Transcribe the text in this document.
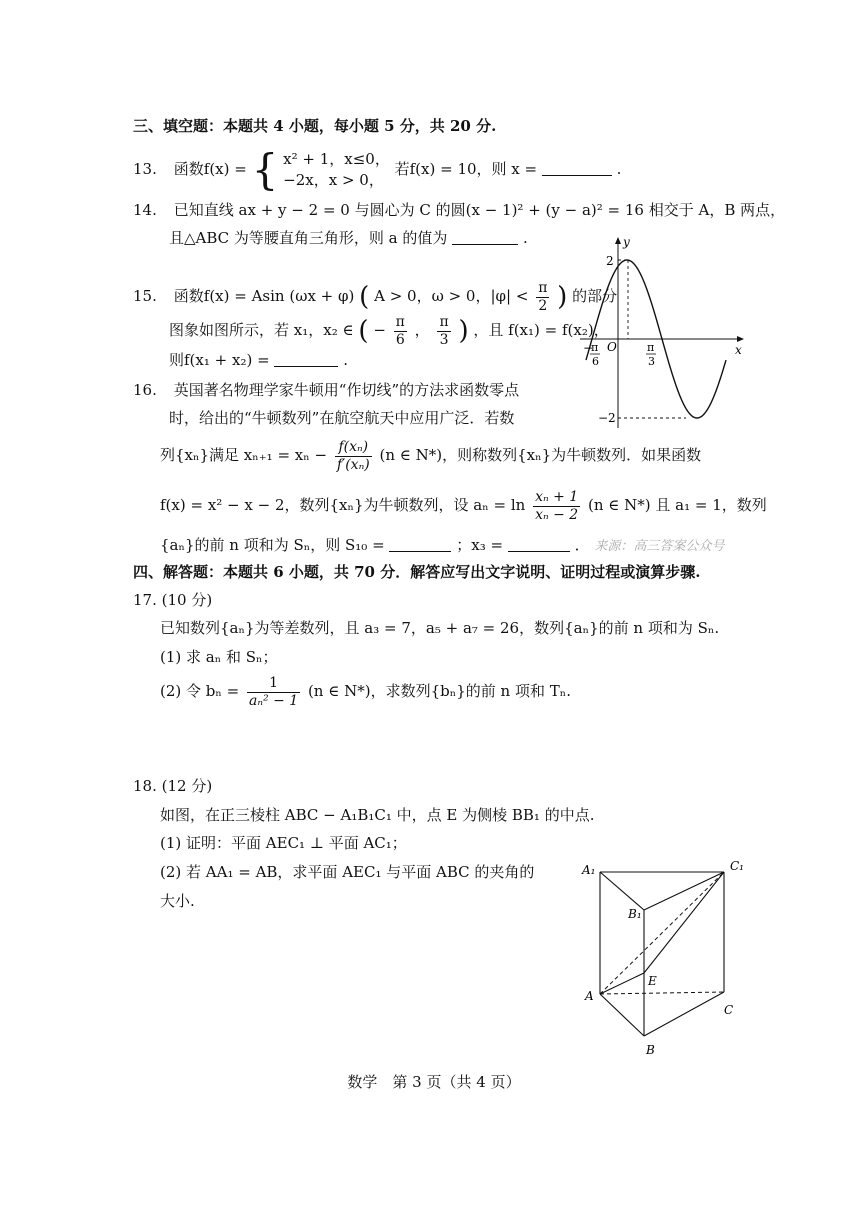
三、填空题：本题共 4 小题，每小题 5 分，共 20 分.
13. 函数f(x) = { x² + 1，x≤0，
−2x，x > 0，
若f(x) = 10，则 x =	.
14. 已知直线 ax + y − 2 = 0 与圆心为 C 的圆(x − 1)² + (y − a)² = 16 相交于 A，B 两点，
且△ABC 为等腰直角三角形，则 a 的值为	.
15. 函数f(x) = Asin (ωx + φ) ( A > 0，ω > 0，$|\varphi| < \frac{\pi}{2}$ ) 的部分
图象如图所示，若 x₁，x₂ ∈ ( − $\frac{\pi}{6}$ ， $\frac{\pi}{3}$ ) ，且 f(x₁) = f(x₂)，
则f(x₁ + x₂) =	.
y
x
O
2
−2
−
π
6
π
3
16. 英国著名物理学家牛顿用“作切线”的方法求函数零点
时，给出的“牛顿数列”在航空航天中应用广泛．若数
列{xₙ}满足 $x_{n+1} = x_n - \frac{\text{f(xₙ)}}{\text{f′(xₙ)}} (n$ ∈ N*)，则称数列{xₙ}为牛顿数列．如果函数
f(x) = x² − x − 2，数列{xₙ}为牛顿数列，设 $a_n = \ln \frac{\text{xₙ + 1}}{\text{xₙ − 2}} (n$ ∈ N*) 且 a₁ = 1，数列
{aₙ}的前 n 项和为 Sₙ，则 S₁₀ =	；x₃ =	． 来源：高三答案公众号
四、解答题：本题共 6 小题，共 70 分．解答应写出文字说明、证明过程或演算步骤.
17. (10 分)
已知数列{aₙ}为等差数列，且 a₃ = 7，a₅ + a₇ = 26，数列{aₙ}的前 n 项和为 Sₙ.
(1) 求 aₙ 和 Sₙ；
(2) 令 $b_n = \frac{1}{\text{aₙ² − 1}} (n$ ∈ N*)，求数列{bₙ}的前 n 项和 Tₙ.
18. (12 分)
如图，在正三棱柱 ABC − A₁B₁C₁ 中，点 E 为侧棱 BB₁ 的中点.
(1) 证明：平面 AEC₁ ⊥ 平面 AC₁；
(2) 若 AA₁ = AB，求平面 AEC₁ 与平面 ABC 的夹角的
大小.
A₁	C₁
B₁
E
A
C
B
数学　第 3 页（共 4 页）
